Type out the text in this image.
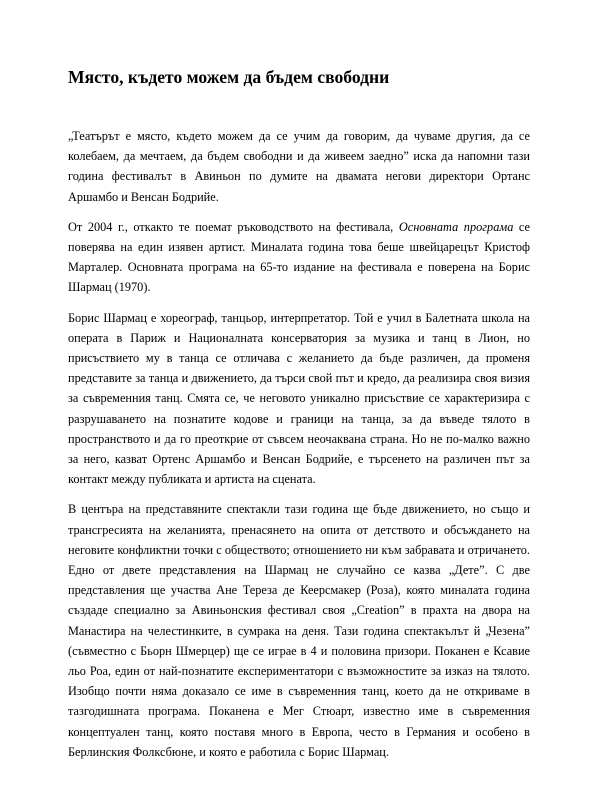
Място, където можем да бъдем свободни

„Театърът е място, където можем да се учим да говорим, да чуваме другия, да се колебаем, да мечтаем, да бъдем свободни и да живеем заедно” иска да напомни тази година фестивалът в Авиньон по думите на двамата негови директори Ортанс Аршамбо и Венсан Бодрийе.

От 2004 г., откакто те поемат ръководството на фестивала, Основната програма се поверява на един изявен артист. Миналата година това беше швейцарецът Кристоф Марталер. Основната програма на 65-то издание на фестивала е поверена на Борис Шармац (1970).

Борис Шармац е хореограф, танцьор, интерпретатор. Той е учил в Балетната школа на операта в Париж и Националната консерватория за музика и танц в Лион, но присъствието му в танца се отличава с желанието да бъде различен, да променя представите за танца и движението, да търси свой път и кредо, да реализира своя визия за съвременния танц. Смята се, че неговото уникално присъствие се характеризира с разрушаването на познатите кодове и граници на танца, за да въведе тялото в пространството и да го преоткрие от съвсем неочаквана страна. Но не по-малко важно за него, казват Ортенс Аршамбо и Венсан Бодрийе, е търсенето на различен път за контакт между публиката и артиста на сцената.

В центъра на представяните спектакли тази година ще бъде движението, но също и трансгресията на желанията, пренасянето на опита от детството и обсъждането на неговите конфликтни точки с обществото; отношението ни към забравата и отричането. Едно от двете представления на Шармац не случайно се казва „Дете”. С две представления ще участва Ане Тереза де Кеерсмакер (Роза), която миналата година създаде специално за Авиньонския фестивал своя „Creation” в прахта на двора на Манастира на челестинките, в сумрака на деня. Тази година спектакълът й „Чезена” (съвместно с Бьорн Шмерцер) ще се играе в 4 и половина призори. Поканен е Ксавие льо Роа, един от най-познатите експериментатори с възможностите за изказ на тялото. Изобщо почти няма доказало се име в съвременния танц, което да не откриваме в тазгодишната програма. Поканена е Мег Стюарт, известно име в съвременния концептуален танц, която поставя много в Европа, често в Германия и особено в Берлинския Фолксбюне, и която е работила с Борис Шармац.
